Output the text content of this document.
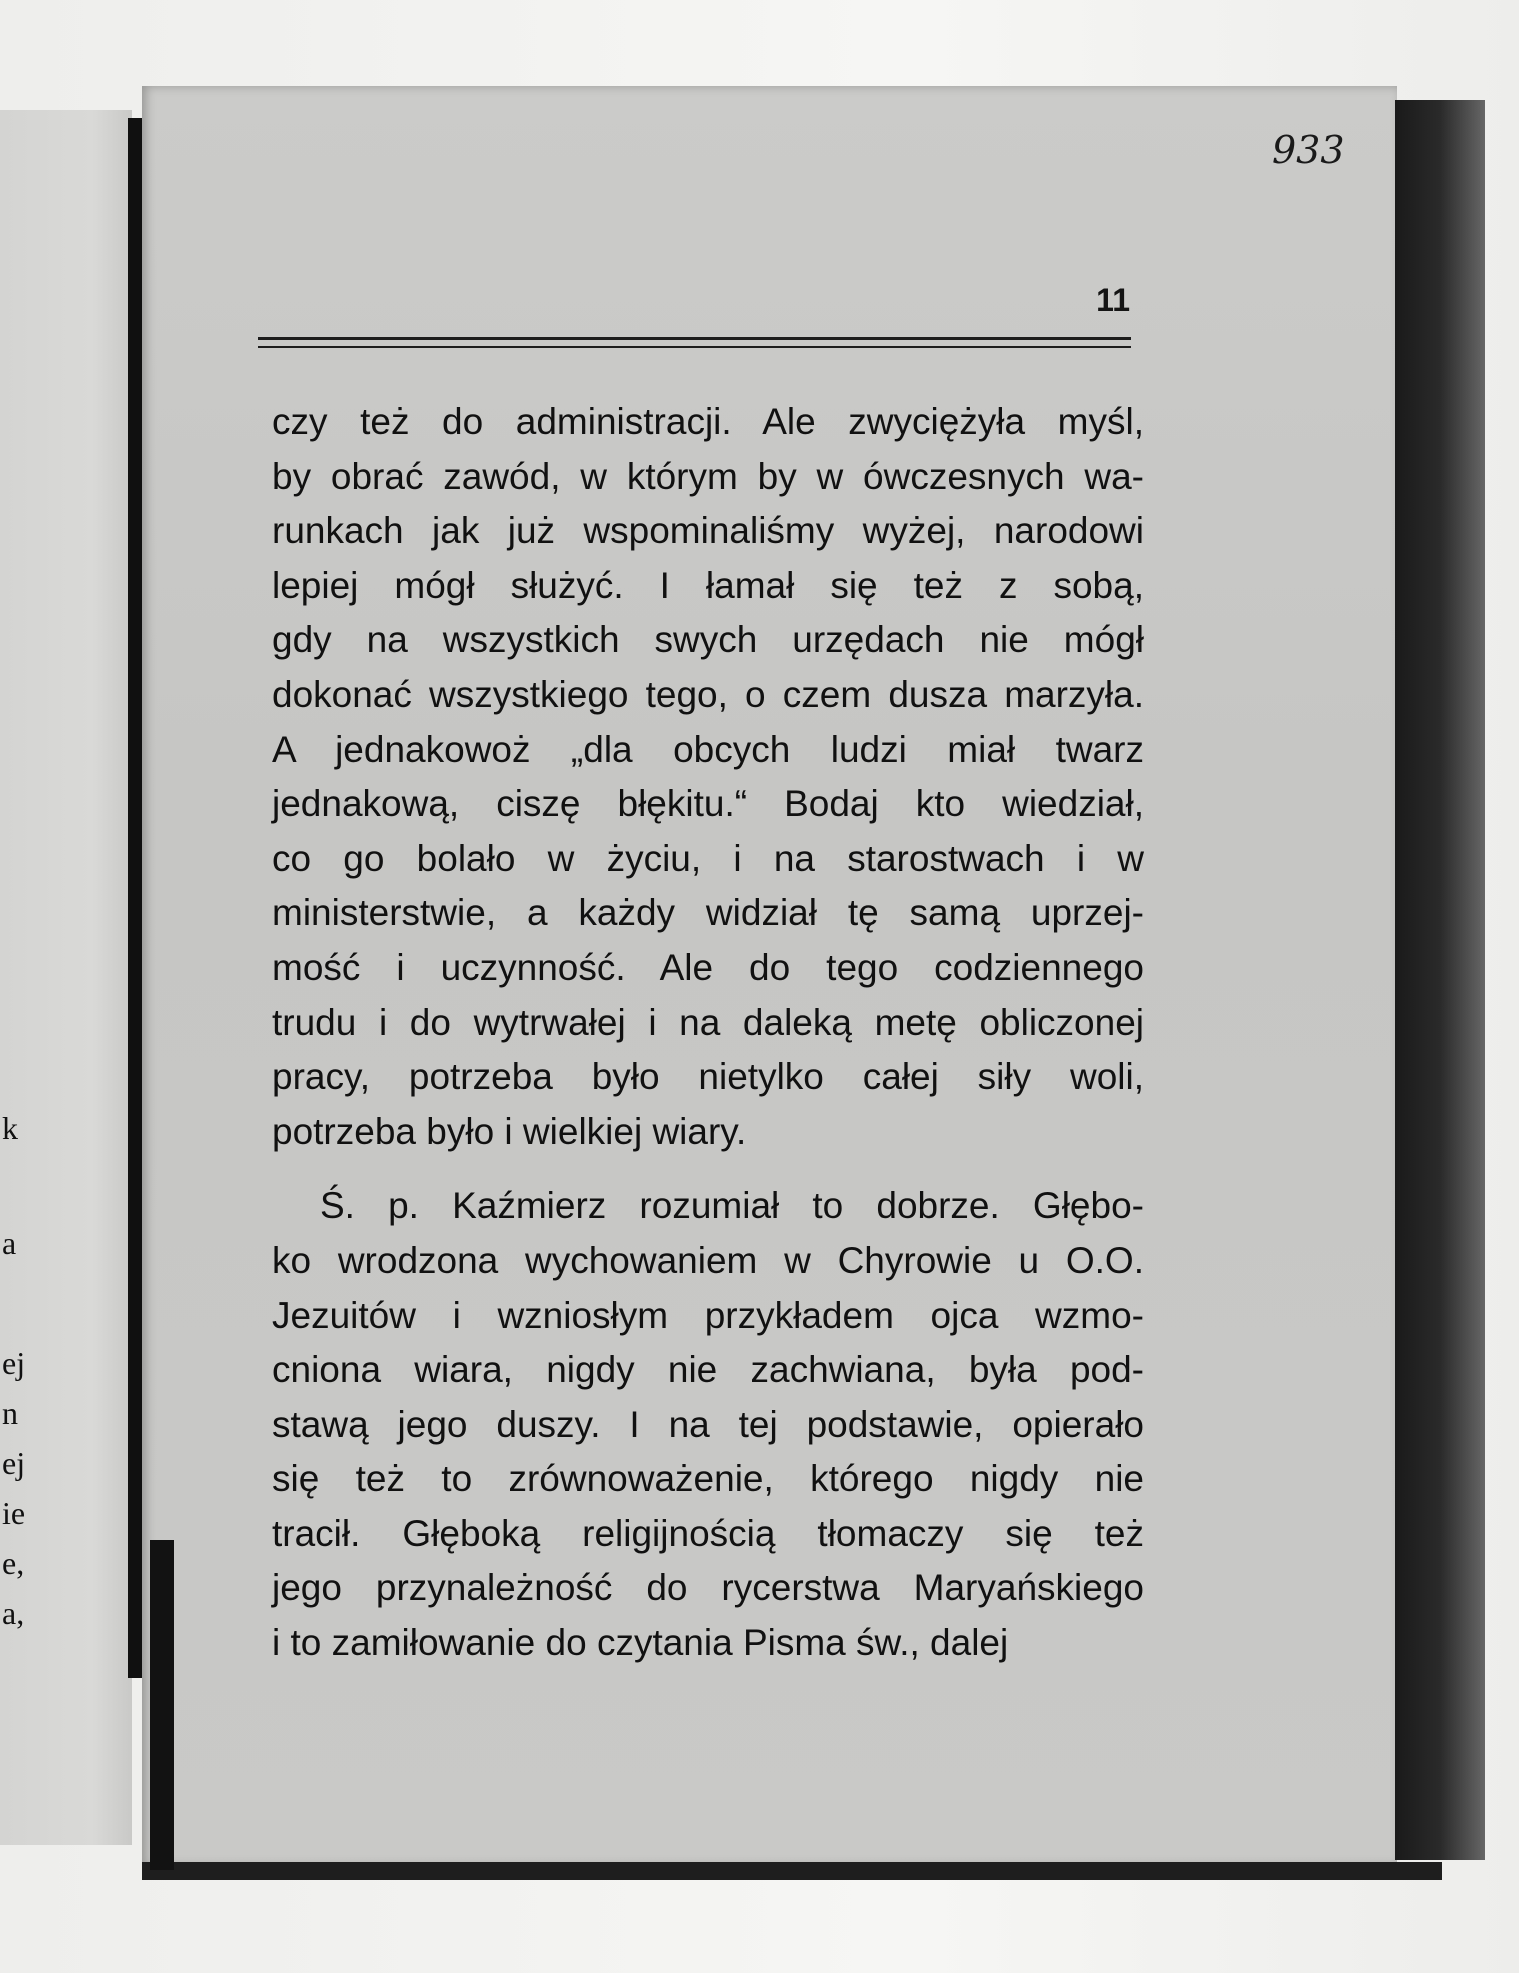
k
a
ej
n
ej
ie
e,
a,
933
11
czy też do administracji. Ale zwyciężyła myśl,
by obrać zawód, w którym by w ówczesnych wa-
runkach jak już wspominaliśmy wyżej, narodowi
lepiej mógł służyć. I łamał się też z sobą,
gdy na wszystkich swych urzędach nie mógł
dokonać wszystkiego tego, o czem dusza marzyła.
A jednakowoż „dla obcych ludzi miał twarz
jednakową, ciszę błękitu.“ Bodaj kto wiedział,
co go bolało w życiu, i na starostwach i w
ministerstwie, a każdy widział tę samą uprzej-
mość i uczynność. Ale do tego codziennego
trudu i do wytrwałej i na daleką metę obliczonej
pracy, potrzeba było nietylko całej siły woli,
potrzeba było i wielkiej wiary.
Ś. p. Kaźmierz rozumiał to dobrze. Głębo-
ko wrodzona wychowaniem w Chyrowie u O.O.
Jezuitów i wzniosłym przykładem ojca wzmo-
cniona wiara, nigdy nie zachwiana, była pod-
stawą jego duszy. I na tej podstawie, opierało
się też to zrównoważenie, którego nigdy nie
tracił. Głęboką religijnością tłomaczy się też
jego przynależność do rycerstwa Maryańskiego
i to zamiłowanie do czytania Pisma św., dalej
